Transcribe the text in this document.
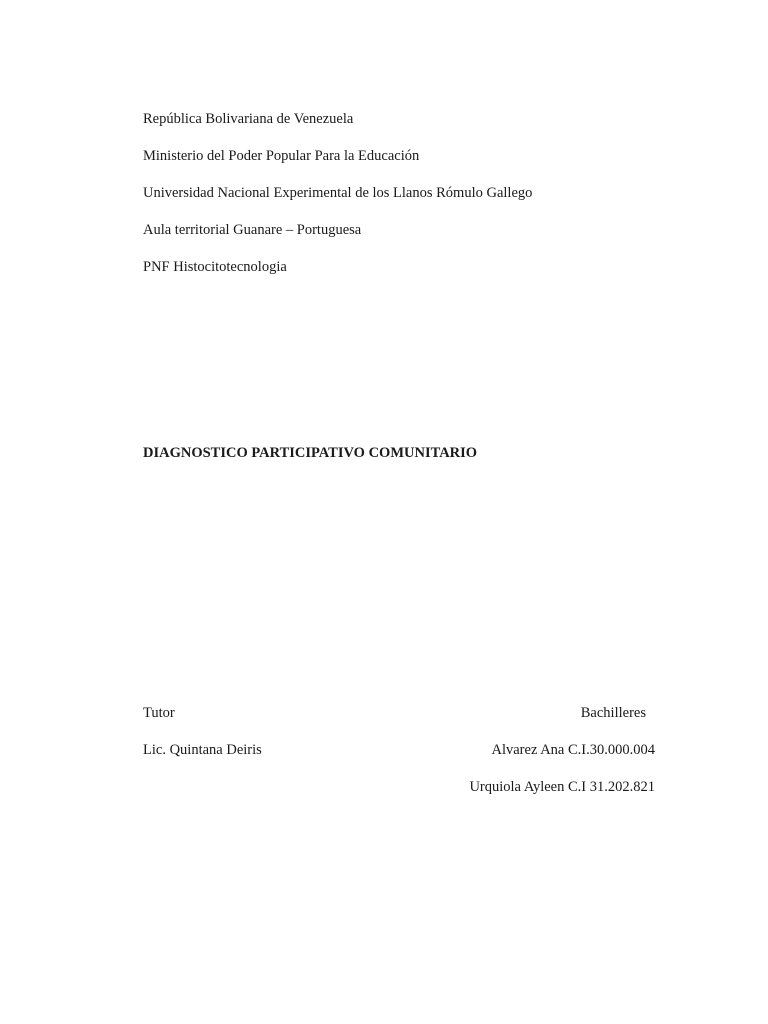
República Bolivariana de Venezuela
Ministerio del Poder Popular Para la Educación
Universidad Nacional Experimental de los Llanos Rómulo Gallego
Aula territorial Guanare – Portuguesa
PNF Histocitotecnologia
DIAGNOSTICO PARTICIPATIVO COMUNITARIO
Tutor
Lic. Quintana Deiris
Bachilleres
Alvarez Ana C.I.30.000.004
Urquiola Ayleen C.I 31.202.821
